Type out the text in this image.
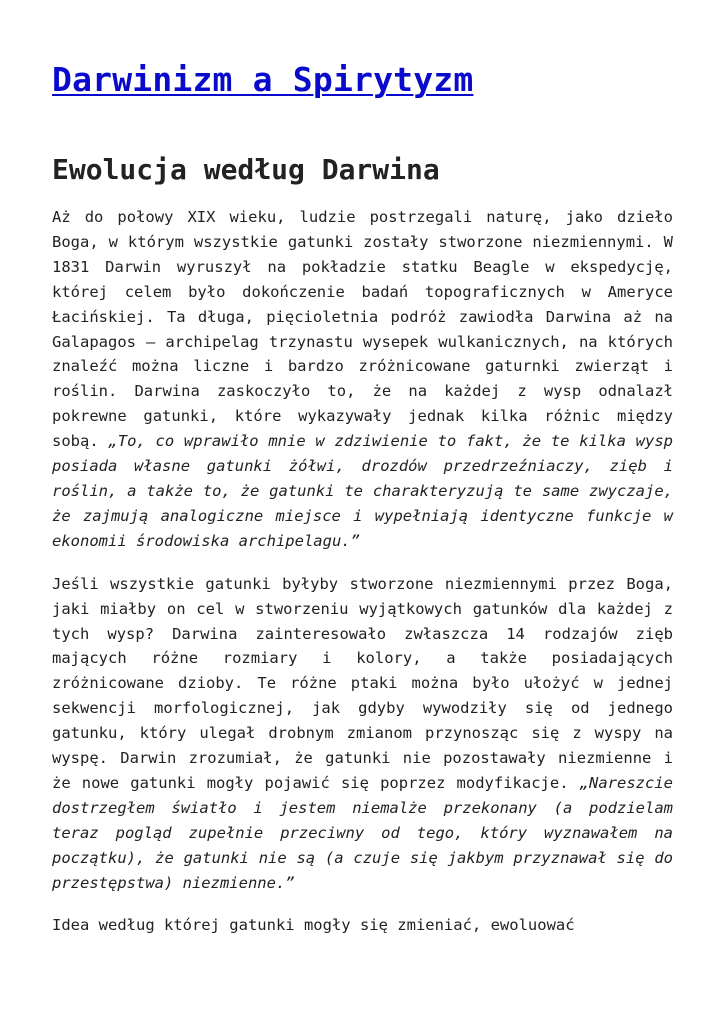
Darwinizm a Spirytyzm
Ewolucja według Darwina

Aż do połowy XIX wieku, ludzie postrzegali naturę, jako dzieło Boga, w którym wszystkie gatunki zostały stworzone niezmiennymi. W 1831 Darwin wyruszył na pokładzie statku Beagle w ekspedycję, której celem było dokończenie badań topograficznych w Ameryce Łacińskiej. Ta długa, pięcioletnia podróż zawiodła Darwina aż na Galapagos – archipelag trzynastu wysepek wulkanicznych, na których znaleźć można liczne i bardzo zróżnicowane gaturnki zwierząt i roślin. Darwina zaskoczyło to, że na każdej z wysp odnalazł pokrewne gatunki, które wykazywały jednak kilka różnic między sobą. „To, co wprawiło mnie w zdziwienie to fakt, że te kilka wysp posiada własne gatunki żółwi, drozdów przedrzeźniaczy, zięb i roślin, a także to, że gatunki te charakteryzują te same zwyczaje, że zajmują analogiczne miejsce i wypełniają identyczne funkcje w ekonomii środowiska archipelagu.”

Jeśli wszystkie gatunki byłyby stworzone niezmiennymi przez Boga, jaki miałby on cel w stworzeniu wyjątkowych gatunków dla każdej z tych wysp? Darwina zainteresowało zwłaszcza 14 rodzajów zięb mających różne rozmiary i kolory, a także posiadających zróżnicowane dzioby. Te różne ptaki można było ułożyć w jednej sekwencji morfologicznej, jak gdyby wywodziły się od jednego gatunku, który ulegał drobnym zmianom przynosząc się z wyspy na wyspę. Darwin zrozumiał, że gatunki nie pozostawały niezmienne i że nowe gatunki mogły pojawić się poprzez modyfikacje. „Nareszcie dostrzegłem światło i jestem niemalże przekonany (a podzielam teraz pogląd zupełnie przeciwny od tego, który wyznawałem na początku), że gatunki nie są (a czuje się jakbym przyznawał się do przestępstwa) niezmienne.”

Idea według której gatunki mogły się zmieniać, ewoluować
